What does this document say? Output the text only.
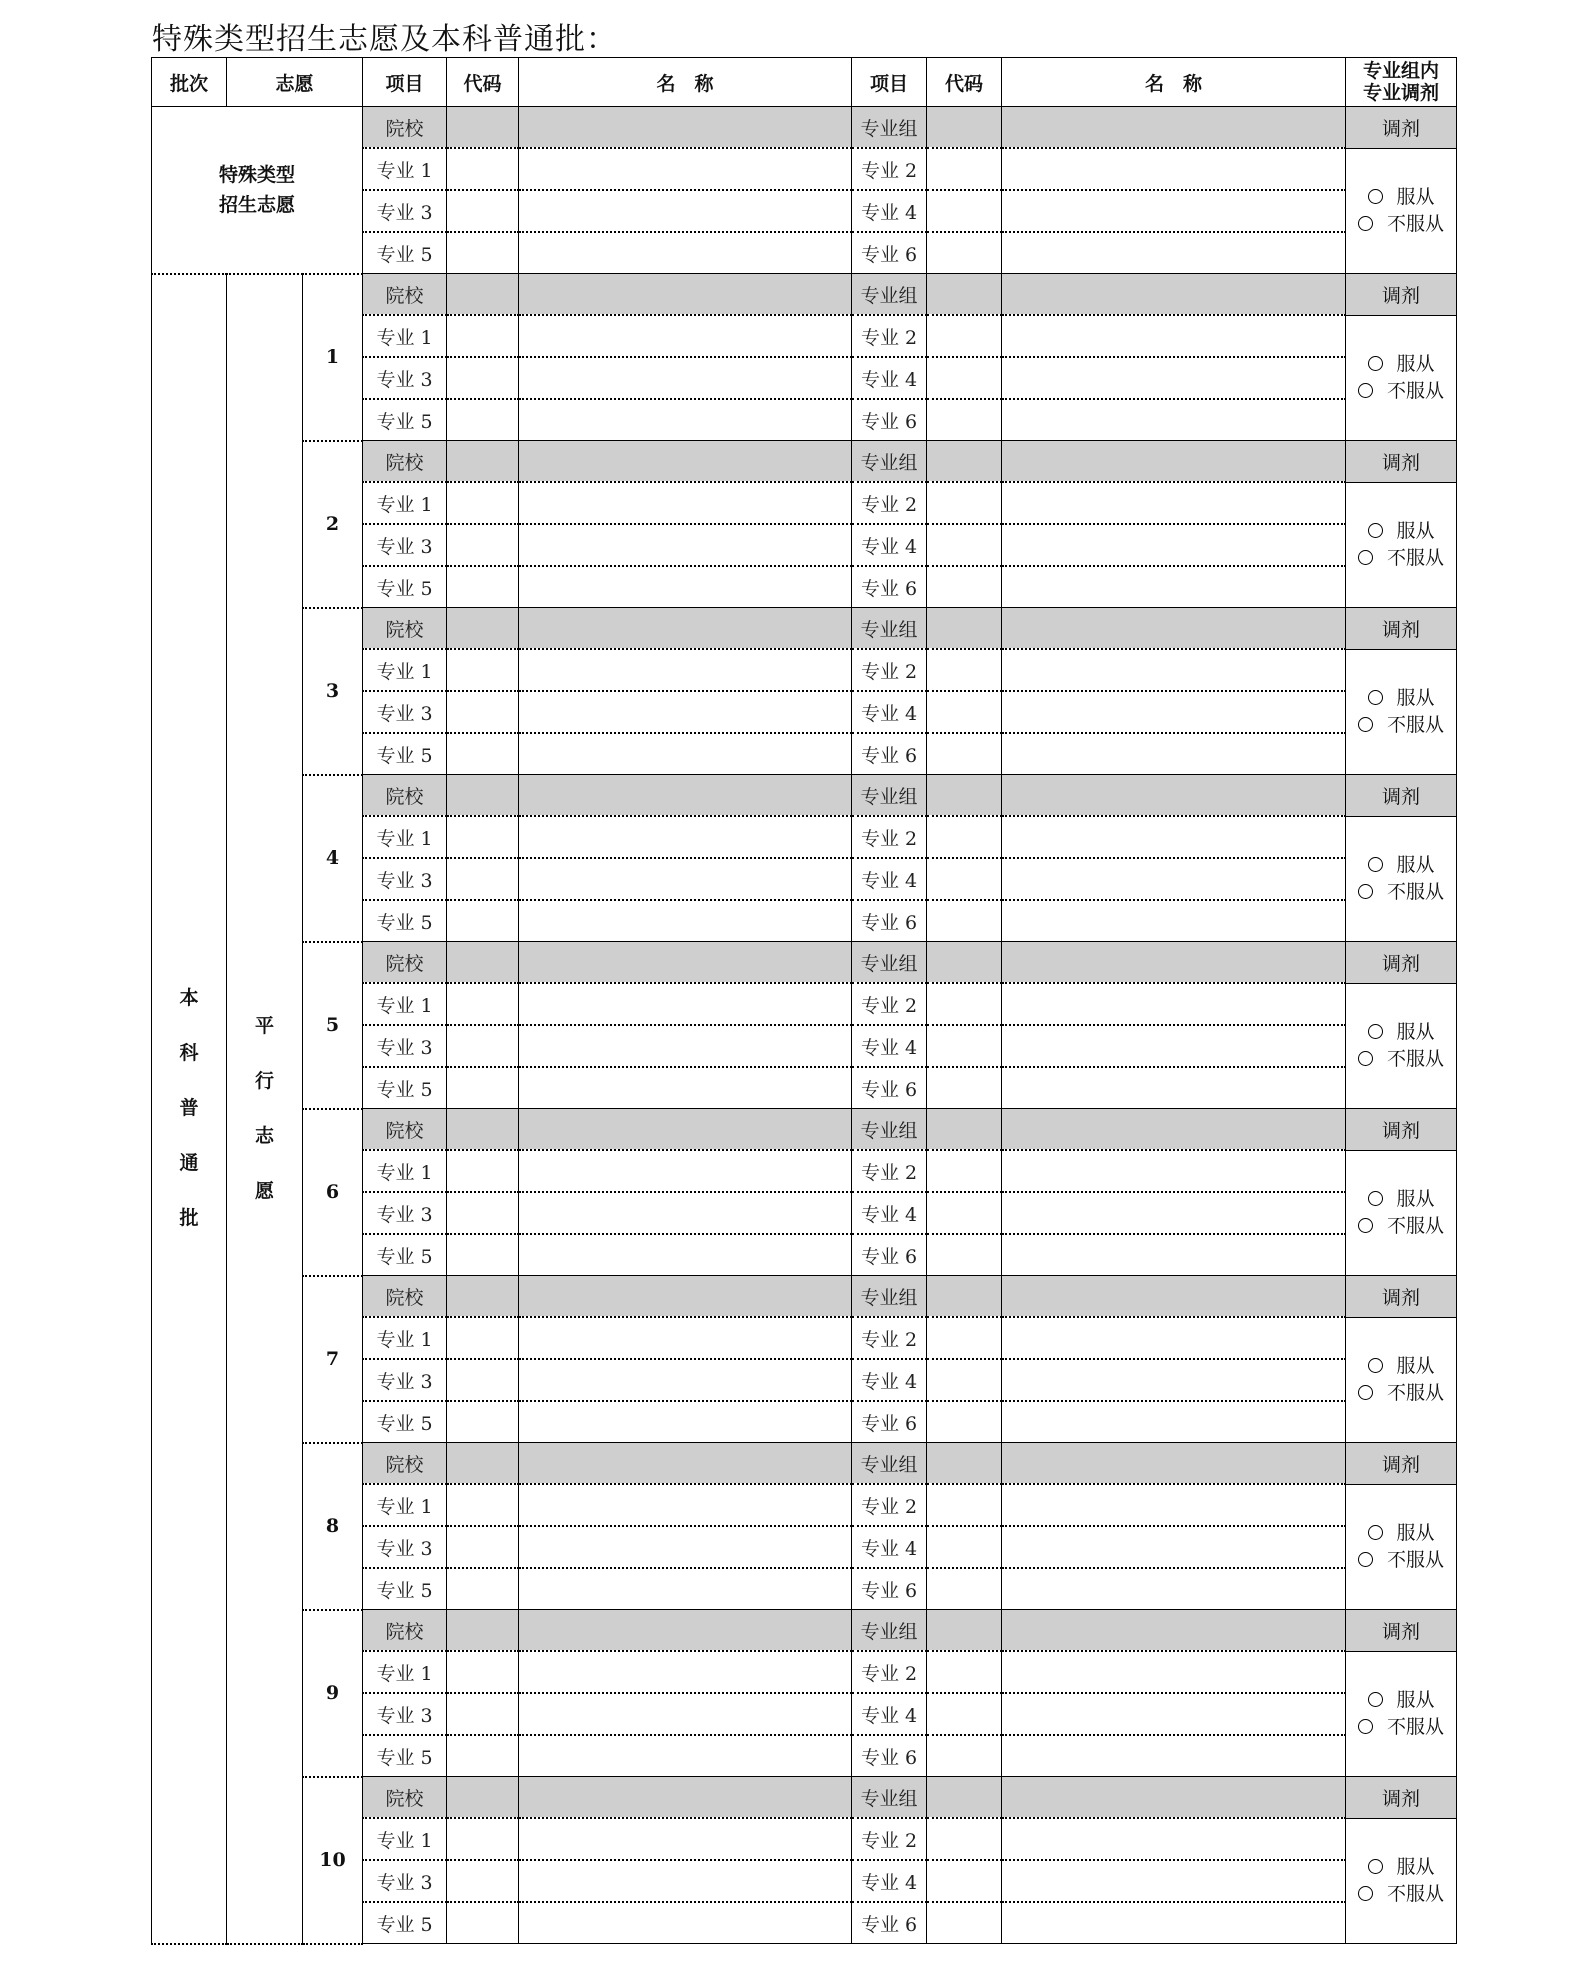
特殊类型招生志愿及本科普通批：
批次	志愿		项目	代码	名　称	项目	代码	名　称	专业组内
专业调剂
特殊类型
招生志愿			院校			专业组			调剂
			专业 1			专业 2			服从
不服从

			专业 3			专业 4			
			专业 5			专业 6			
本
科
普
通
批	平
行
志
愿	1	院校			专业组			调剂
			专业 1			专业 2			服从
不服从

			专业 3			专业 4			
			专业 5			专业 6			
		2	院校			专业组			调剂
			专业 1			专业 2			服从
不服从

			专业 3			专业 4			
			专业 5			专业 6			
		3	院校			专业组			调剂
			专业 1			专业 2			服从
不服从

			专业 3			专业 4			
			专业 5			专业 6			
		4	院校			专业组			调剂
			专业 1			专业 2			服从
不服从

			专业 3			专业 4			
			专业 5			专业 6			
		5	院校			专业组			调剂
			专业 1			专业 2			服从
不服从

			专业 3			专业 4			
			专业 5			专业 6			
		6	院校			专业组			调剂
			专业 1			专业 2			服从
不服从

			专业 3			专业 4			
			专业 5			专业 6			
		7	院校			专业组			调剂
			专业 1			专业 2			服从
不服从

			专业 3			专业 4			
			专业 5			专业 6			
		8	院校			专业组			调剂
			专业 1			专业 2			服从
不服从

			专业 3			专业 4			
			专业 5			专业 6			
		9	院校			专业组			调剂
			专业 1			专业 2			服从
不服从

			专业 3			专业 4			
			专业 5			专业 6			
		10	院校			专业组			调剂
			专业 1			专业 2			服从
不服从

			专业 3			专业 4			
			专业 5			专业 6			
